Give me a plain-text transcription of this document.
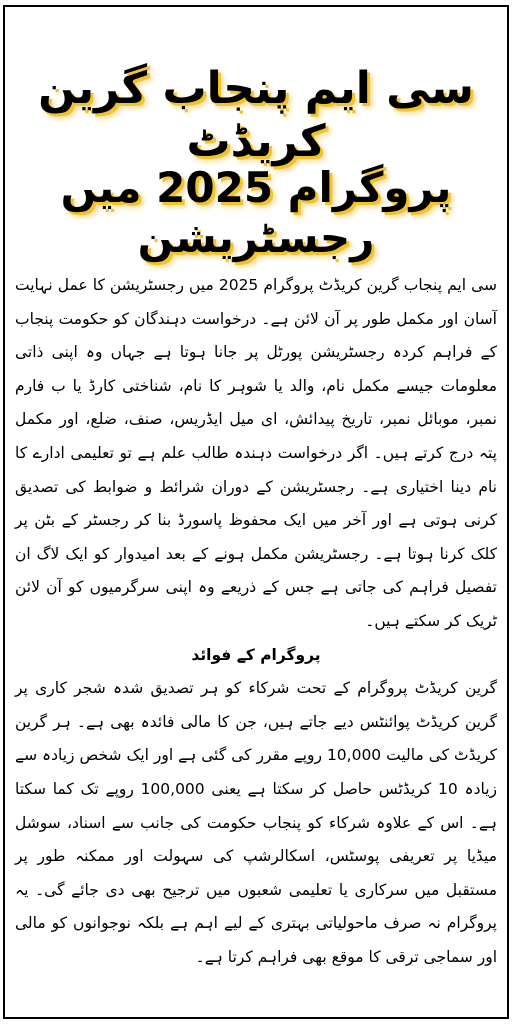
سی ایم پنجاب گرین کریڈٹ
پروگرام 2025 میں رجسٹریشن

سی ایم پنجاب گرین کریڈٹ پروگرام 2025 میں رجسٹریشن کا عمل نہایت آسان اور مکمل طور پر آن لائن ہے۔ درخواست دہندگان کو حکومت پنجاب کے فراہم کردہ رجسٹریشن پورٹل پر جانا ہوتا ہے جہاں وہ اپنی ذاتی معلومات جیسے مکمل نام، والد یا شوہر کا نام، شناختی کارڈ یا ب فارم نمبر، موبائل نمبر، تاریخ پیدائش، ای میل ایڈریس، صنف، ضلع، اور مکمل پتہ درج کرتے ہیں۔ اگر درخواست دہندہ طالب علم ہے تو تعلیمی ادارے کا نام دینا اختیاری ہے۔ رجسٹریشن کے دوران شرائط و ضوابط کی تصدیق کرنی ہوتی ہے اور آخر میں ایک محفوظ پاسورڈ بنا کر رجسٹر کے بٹن پر کلک کرنا ہوتا ہے۔ رجسٹریشن مکمل ہونے کے بعد امیدوار کو ایک لاگ ان تفصیل فراہم کی جاتی ہے جس کے ذریعے وہ اپنی سرگرمیوں کو آن لائن ٹریک کر سکتے ہیں۔

پروگرام کے فوائد

گرین کریڈٹ پروگرام کے تحت شرکاء کو ہر تصدیق شدہ شجر کاری پر گرین کریڈٹ پوائنٹس دیے جاتے ہیں، جن کا مالی فائدہ بھی ہے۔ ہر گرین کریڈٹ کی مالیت 10,000 روپے مقرر کی گئی ہے اور ایک شخص زیادہ سے زیادہ 10 کریڈٹس حاصل کر سکتا ہے یعنی 100,000 روپے تک کما سکتا ہے۔ اس کے علاوہ شرکاء کو پنجاب حکومت کی جانب سے اسناد، سوشل میڈیا پر تعریفی پوسٹس، اسکالرشپ کی سہولت اور ممکنہ طور پر مستقبل میں سرکاری یا تعلیمی شعبوں میں ترجیح بھی دی جائے گی۔ یہ پروگرام نہ صرف ماحولیاتی بہتری کے لیے اہم ہے بلکہ نوجوانوں کو مالی اور سماجی ترقی کا موقع بھی فراہم کرتا ہے۔
